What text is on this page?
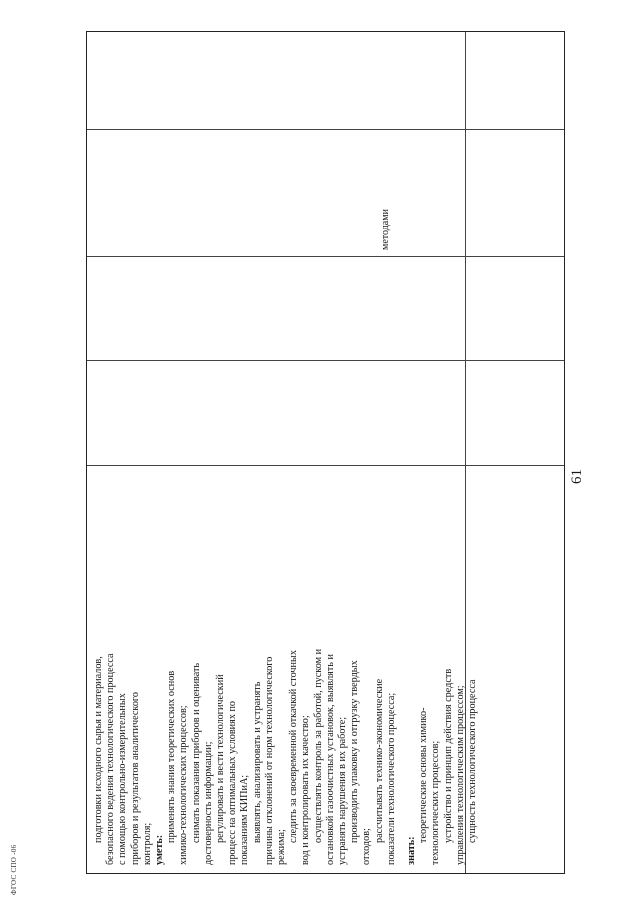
61
ФГОС СПО -06
подготовки исходного сырья и материалов, безопасного ведения технологического процесса с помощью контрольно-измерительных приборов и результатов аналитического контроля; уметь:
применять знания теоретических основ химико-технологических процессов; снимать показания приборов и оценивать достоверность информации; регулировать и вести технологический процесс на оптимальных условиях по показаниям КИПиА; выявлять, анализировать и устранять причины отклонений от норм технологического режима;
следить за своевременной откачкой сточных вод и контролировать их качество; осуществлять контроль за работой, пуском и остановкой газоочистных установок, выявлять и устранять нарушения в их работе; производить упаковку и отгрузку твердых
отходов;
рассчитывать технико-экономические показатели технологического процесса; знать:
теоретические основы химико- технологических процессов; устройство и принцип действия средств управления технологическим процессом; сущность технологического процесса
методами
